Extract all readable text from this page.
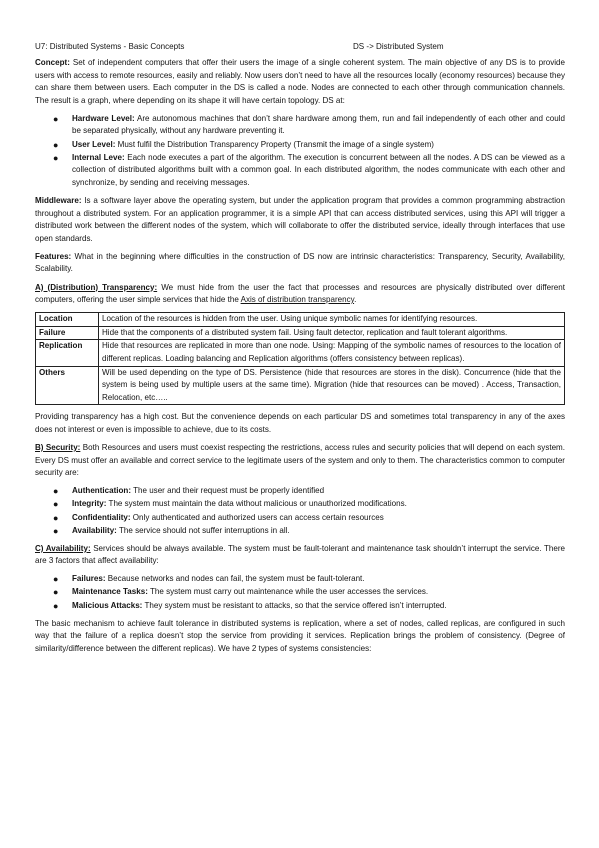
U7: Distributed Systems - Basic Concepts	DS -> Distributed System

Concept: Set of independent computers that offer their users the image of a single coherent system. The main objective of any DS is to provide users with access to remote resources, easily and reliably. Now users don’t need to have all the resources locally (economy resources) because they can share them between users. Each computer in the DS is called a node. Nodes are connected to each other through communication channels. The result is a graph, where depending on its shape it will have certain topology. DS at:

● Hardware Level: Are autonomous machines that don’t share hardware among them, run and fail independently of each other and could be separated physically, without any hardware preventing it.
● User Level: Must fulfil the Distribution Transparency Property (Transmit the image of a single system)
● Internal Leve: Each node executes a part of the algorithm. The execution is concurrent between all the nodes. A DS can be viewed as a collection of distributed algorithms built with a common goal. In each distributed algorithm, the nodes communicate with each other and synchronize, by sending and receiving messages.

Middleware: Is a software layer above the operating system, but under the application program that provides a common programming abstraction throughout a distributed system. For an application programmer, it is a simple API that can access distributed services, using this API will trigger a distributed work between the different nodes of the system, which will collaborate to offer the distributed service, ideally through interfaces that use open standards.

Features: What in the beginning where difficulties in the construction of DS now are intrinsic characteristics: Transparency, Security, Availability, Scalability.

A) (Distribution) Transparency: We must hide from the user the fact that processes and resources are physically distributed over different computers, offering the user simple services that hide the Axis of distribution transparency.

Location	Location of the resources is hidden from the user. Using unique symbolic names for identifying resources.
Failure	Hide that the components of a distributed system fail. Using fault detector, replication and fault tolerant algorithms.
Replication	Hide that resources are replicated in more than one node. Using: Mapping of the symbolic names of resources to the location of different replicas. Loading balancing and Replication algorithms (offers consistency between replicas).
Others	Will be used depending on the type of DS. Persistence (hide that resources are stores in the disk). Concurrence (hide that the system is being used by multiple users at the same time). Migration (hide that resources can be moved) . Access, Transaction, Relocation, etc…..

Providing transparency has a high cost. But the convenience depends on each particular DS and sometimes total transparency in any of the axes does not interest or even is impossible to achieve, due to its costs.

B) Security: Both Resources and users must coexist respecting the restrictions, access rules and security policies that will depend on each system. Every DS must offer an available and correct service to the legitimate users of the system and only to them. The characteristics common to computer security are:

● Authentication: The user and their request must be properly identified
● Integrity: The system must maintain the data without malicious or unauthorized modifications.
● Confidentiality: Only authenticated and authorized users can access certain resources
● Availability: The service should not suffer interruptions in all.

C) Availability: Services should be always available. The system must be fault-tolerant and maintenance task shouldn’t interrupt the service. There are 3 factors that affect availability:

● Failures: Because networks and nodes can fail, the system must be fault-tolerant.
● Maintenance Tasks: The system must carry out maintenance while the user accesses the services.
● Malicious Attacks: They system must be resistant to attacks, so that the service offered isn’t interrupted.

The basic mechanism to achieve fault tolerance in distributed systems is replication, where a set of nodes, called replicas, are configured in such way that the failure of a replica doesn’t stop the service from providing it services. Replication brings the problem of consistency. (Degree of similarity/difference between the different replicas). We have 2 types of systems consistencies:
